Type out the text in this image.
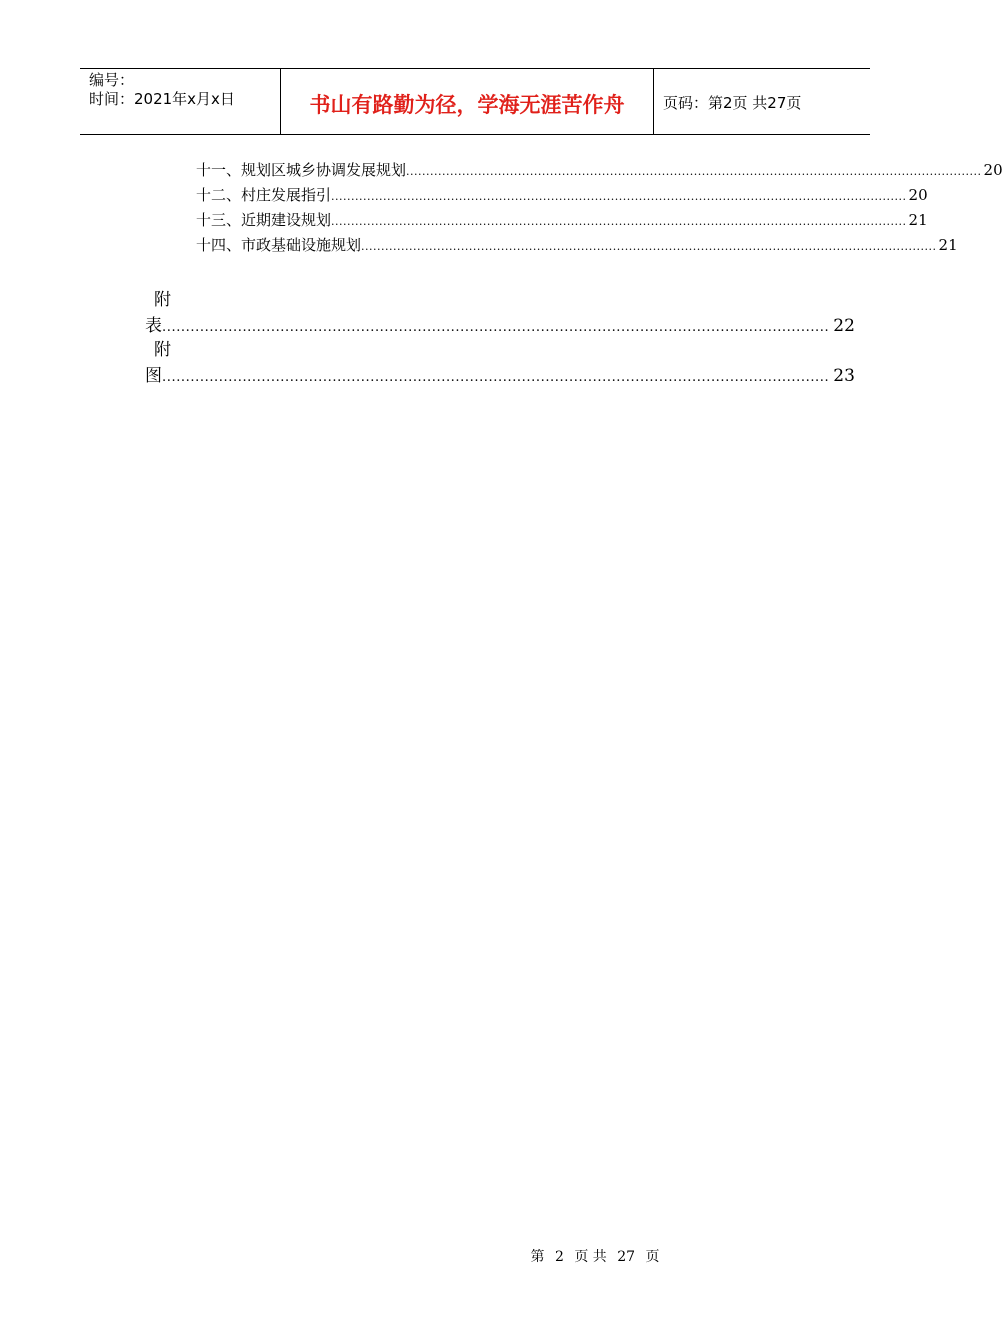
编号：
时间：2021年x月x日	书山有路勤为径，学海无涯苦作舟	页码：第2页 共27页
十一、规划区城乡协调发展规划 ................................................................................................................................................ 20
十二、村庄发展指引 ................................................................................................................................................ 20
十三、近期建设规划 ................................................................................................................................................ 21
十四、市政基础设施规划 ................................................................................................................................................ 21
附
表 ............................................................................................................................................. 22
附
图 ............................................................................................................................................. 23
第 2 页 共 27 页
